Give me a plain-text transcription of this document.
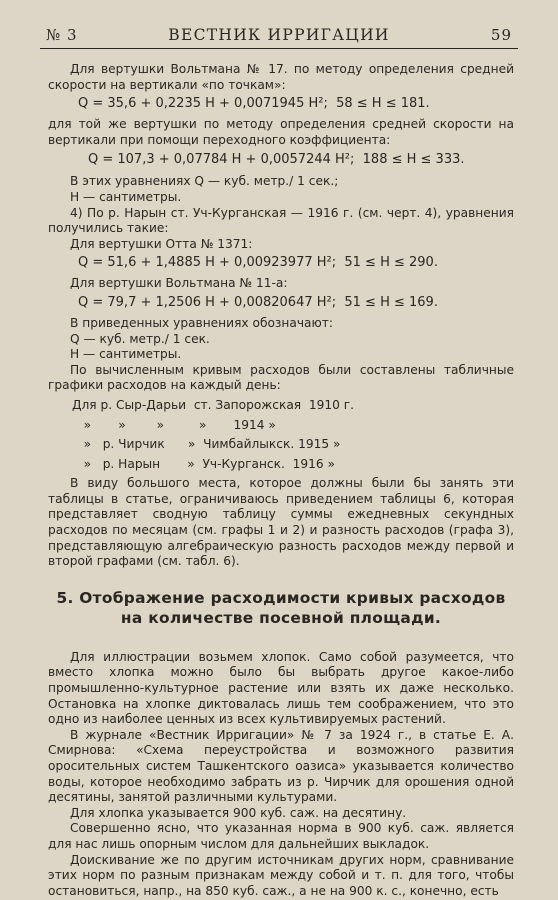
№ 3	ВЕСТНИК ИРРИГАЦИИ	59

Для вертушки Вольтмана № 17. по методу определения средней скорости на вертикали «по точкам»:

Q = 35,6 + 0,2235 H + 0,0071945 H²;  58 ≤ H ≤ 181.

для той же вертушки по методу определения средней скорости на вертикали при помощи переходного коэффициента:

Q = 107,3 + 0,07784 H + 0,0057244 H²;  188 ≤ H ≤ 333.

В этих уравнениях Q — куб. метр./ 1 сек.;

H — сантиметры.

4) По р. Нарын ст. Уч-Курганская — 1916 г. (см. черт. 4), уравнения получились такие:

Для вертушки Отта № 1371:

Q = 51,6 + 1,4885 H + 0,00923977 H²;  51 ≤ H ≤ 290.

Для вертушки Вольтмана № 11-а:

Q = 79,7 + 1,2506 H + 0,00820647 H²;  51 ≤ H ≤ 169.

В приведенных уравнениях обозначают:

Q — куб. метр./ 1 сек.

H — сантиметры.

По вычисленным кривым расходов были составлены табличные графики расходов на каждый день:

Для р. Сыр-Дарьи  ст. Запорожская  1910 г.
»       »        »         »       1914 »
»   р. Чирчик      »  Чимбайлыкск. 1915 »
»   р. Нарын       »  Уч-Курганск.  1916 »

В виду большого места, которое должны были бы занять эти таблицы в статье, ограничиваюсь приведением таблицы 6, которая представляет сводную таблицу суммы ежедневных секундных расходов по месяцам (см. графы 1 и 2) и разность расходов (графа 3), представляющую алгебраическую разность расходов между первой и второй графами (см. табл. 6).

5. Отображение расходимости кривых расходов на количестве посевной площади.

Для иллюстрации возьмем хлопок. Само собой разумеется, что вместо хлопка можно было бы выбрать другое какое-либо промышленно-культурное растение или взять их даже несколько. Остановка на хлопке диктовалась лишь тем соображением, что это одно из наиболее ценных из всех культивируемых растений.

В журнале «Вестник Ирригации» № 7 за 1924 г., в статье Е. А. Смирнова: «Схема переустройства и возможного развития оросительных систем Ташкентского оазиса» указывается количество воды, которое необходимо забрать из р. Чирчик для орошения одной десятины, занятой различными культурами.

Для хлопка указывается 900 куб. саж. на десятину.

Совершенно ясно, что указанная норма в 900 куб. саж. является для нас лишь опорным числом для дальнейших выкладок.

Доискивание же по другим источникам других норм, сравнивание этих норм по разным признакам между собой и т. п. для того, чтобы остановиться, напр., на 850 куб. саж., а не на 900 к. с., конечно, есть
